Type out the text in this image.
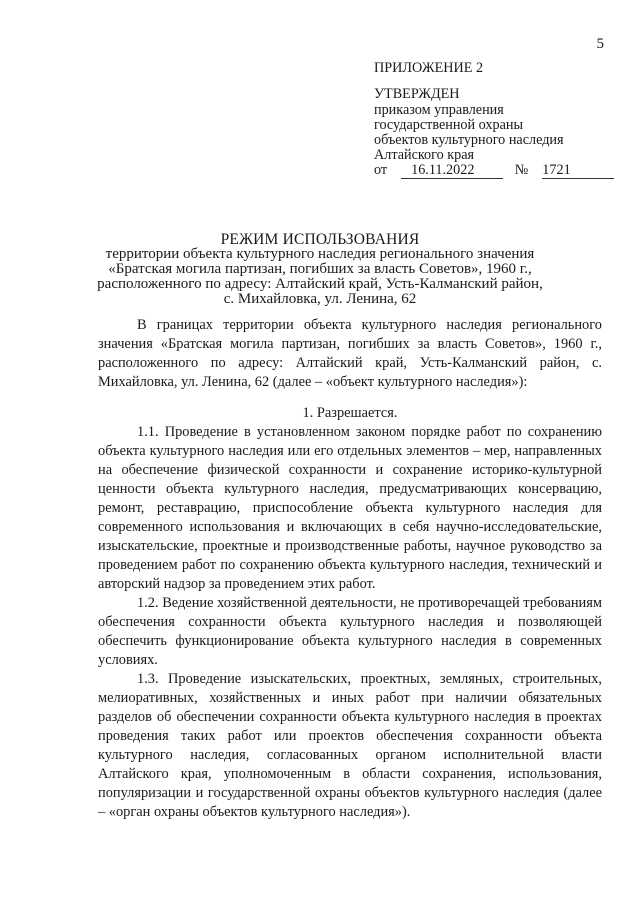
5
ПРИЛОЖЕНИЕ 2
УТВЕРЖДЕН
приказом управления
государственной охраны
объектов культурного наследия
Алтайского края
от	16.11.2022	№ 1721
РЕЖИМ ИСПОЛЬЗОВАНИЯ
территории объекта культурного наследия регионального значения
«Братская могила партизан, погибших за власть Советов», 1960 г.,
расположенного по адресу: Алтайский край, Усть-Калманский район,
с. Михайловка, ул. Ленина, 62

В границах территории объекта культурного наследия регионального значения «Братская могила партизан, погибших за власть Советов», 1960 г., расположенного по адресу: Алтайский край, Усть-Калманский район, с. Михайловка, ул. Ленина, 62 (далее – «объект культурного наследия»):

1. Разрешается.

1.1. Проведение в установленном законом порядке работ по сохранению объекта культурного наследия или его отдельных элементов – мер, направленных на обеспечение физической сохранности и сохранение историко-культурной ценности объекта культурного наследия, предусматривающих консервацию, ремонт, реставрацию, приспособление объекта культурного наследия для современного использования и включающих в себя научно-исследовательские, изыскательские, проектные и производственные работы, научное руководство за проведением работ по сохранению объекта культурного наследия, технический и авторский надзор за проведением этих работ.

1.2. Ведение хозяйственной деятельности, не противоречащей требованиям обеспечения сохранности объекта культурного наследия и позволяющей обеспечить функционирование объекта культурного наследия в современных условиях.

1.3. Проведение изыскательских, проектных, земляных, строительных, мелиоративных, хозяйственных и иных работ при наличии обязательных разделов об обеспечении сохранности объекта культурного наследия в проектах проведения таких работ или проектов обеспечения сохранности объекта культурного наследия, согласованных органом исполнительной власти Алтайского края, уполномоченным в области сохранения, использования, популяризации и государственной охраны объектов культурного наследия (далее – «орган охраны объектов культурного наследия»).
